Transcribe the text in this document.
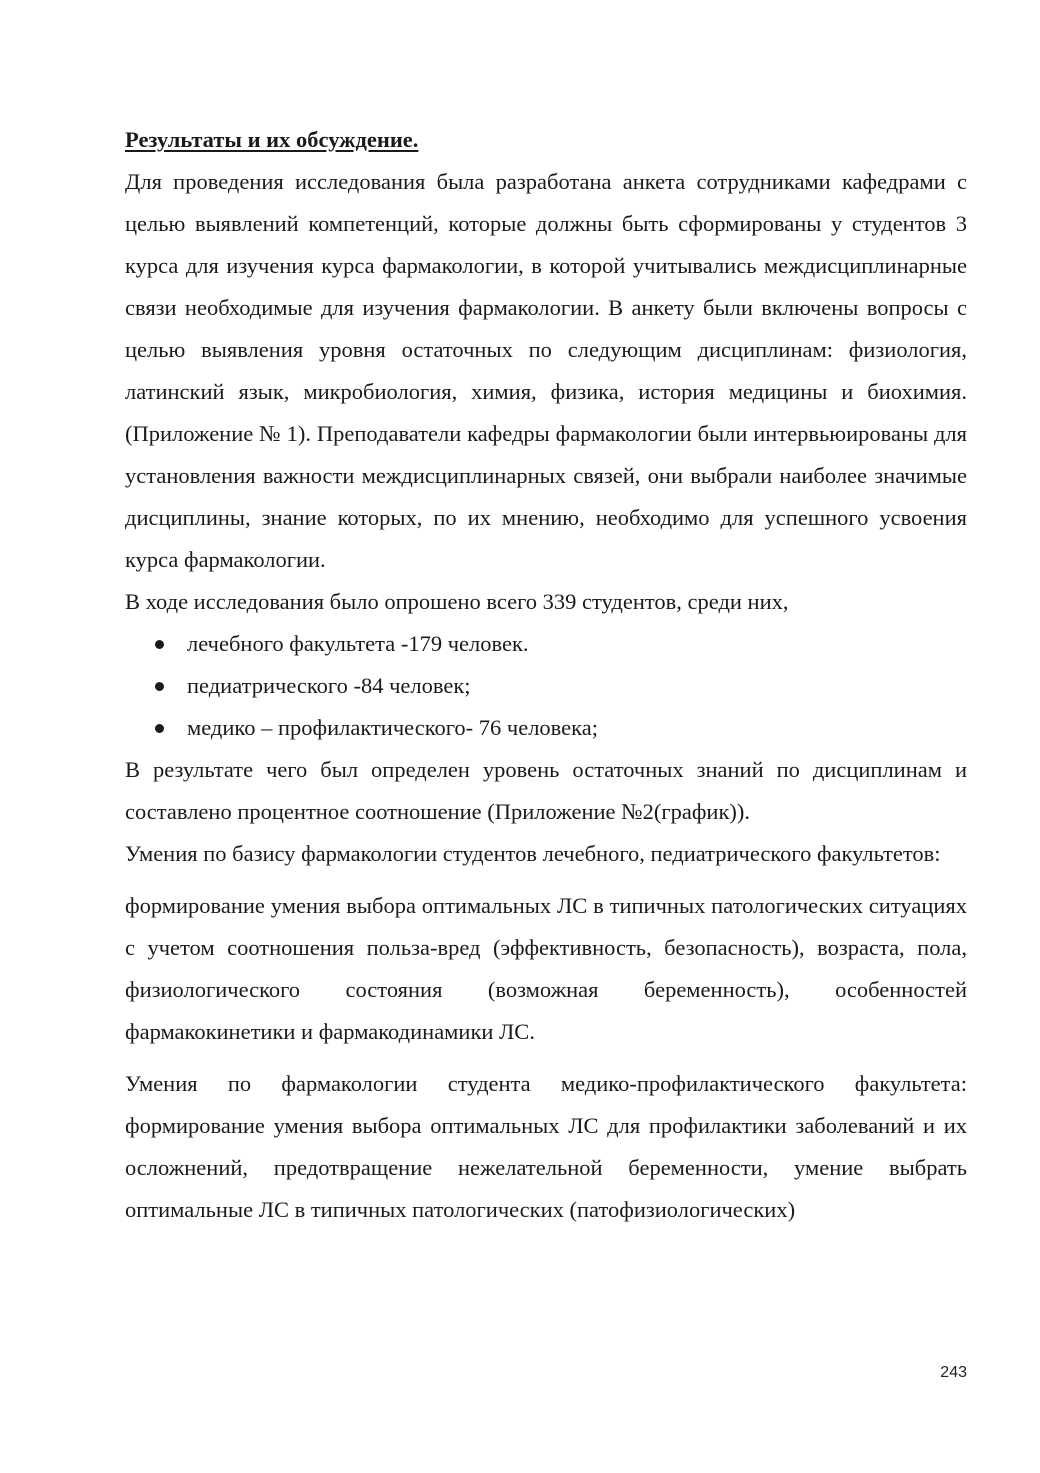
Результаты и их обсуждение.

Для проведения исследования была разработана анкета сотрудниками кафедрами с целью выявлений компетенций, которые должны быть сформированы у студентов 3 курса для изучения курса фармакологии, в которой учитывались междисциплинарные связи необходимые для изучения фармакологии. В анкету были включены вопросы с целью выявления уровня остаточных по следующим дисциплинам: физиология, латинский язык, микробиология, химия, физика, история медицины и биохимия. (Приложение № 1). Преподаватели кафедры фармакологии были интервьюированы для установления важности междисциплинарных связей, они выбрали наиболее значимые дисциплины, знание которых, по их мнению, необходимо для успешного усвоения курса фармакологии.

В ходе исследования было опрошено всего 339 студентов, среди них,

лечебного факультета -179 человек.
педиатрического -84 человек;
медико – профилактического- 76 человека;

В результате чего был определен уровень остаточных знаний по дисциплинам и составлено процентное соотношение (Приложение №2(график)).

Умения по базису фармакологии студентов лечебного, педиатрического факультетов:

формирование умения выбора оптимальных ЛС в типичных патологических ситуациях с учетом соотношения польза-вред (эффективность, безопасность), возраста, пола, физиологического состояния (возможная беременность), особенностей фармакокинетики и фармакодинамики ЛС.

Умения по фармакологии студента медико-профилактического факультета: формирование умения выбора оптимальных ЛС для профилактики заболеваний и их осложнений, предотвращение нежелательной беременности, умение выбрать оптимальные ЛС в типичных патологических (патофизиологических)

243
